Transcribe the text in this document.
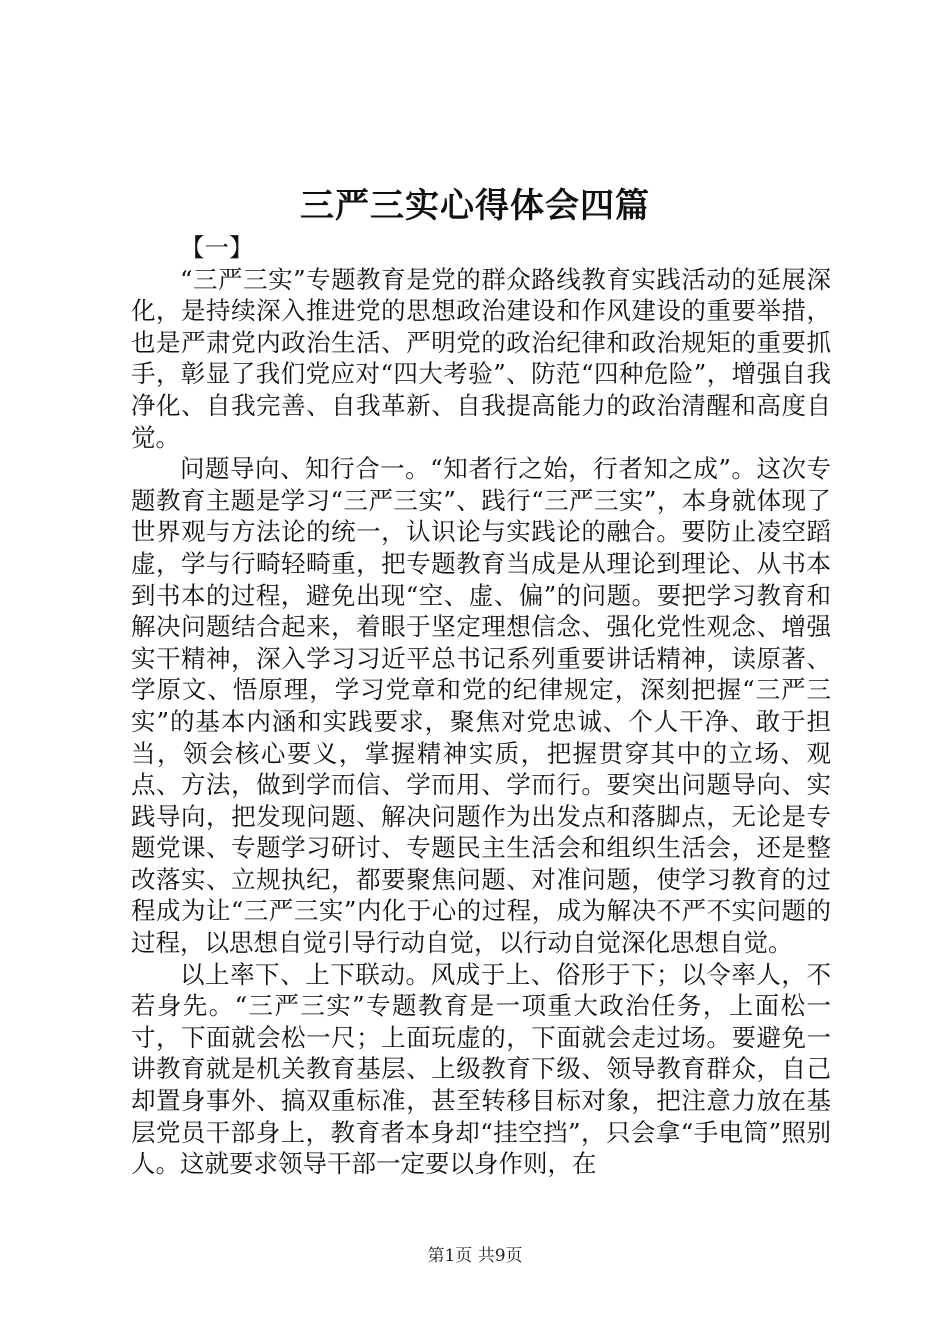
三严三实心得体会四篇
【一】

“三严三实”专题教育是党的群众路线教育实践活动的延展深化，是持续深入推进党的思想政治建设和作风建设的重要举措，也是严肃党内政治生活、严明党的政治纪律和政治规矩的重要抓手，彰显了我们党应对“四大考验”、防范“四种危险”，增强自我净化、自我完善、自我革新、自我提高能力的政治清醒和高度自觉。

问题导向、知行合一。“知者行之始，行者知之成”。这次专题教育主题是学习“三严三实”、践行“三严三实”，本身就体现了世界观与方法论的统一，认识论与实践论的融合。要防止凌空蹈虚，学与行畸轻畸重，把专题教育当成是从理论到理论、从书本到书本的过程，避免出现“空、虚、偏”的问题。要把学习教育和解决问题结合起来，着眼于坚定理想信念、强化党性观念、增强实干精神，深入学习习近平总书记系列重要讲话精神，读原著、学原文、悟原理，学习党章和党的纪律规定，深刻把握“三严三实”的基本内涵和实践要求，聚焦对党忠诚、个人干净、敢于担当，领会核心要义，掌握精神实质，把握贯穿其中的立场、观点、方法，做到学而信、学而用、学而行。要突出问题导向、实践导向，把发现问题、解决问题作为出发点和落脚点，无论是专题党课、专题学习研讨、专题民主生活会和组织生活会，还是整改落实、立规执纪，都要聚焦问题、对准问题，使学习教育的过程成为让“三严三实”内化于心的过程，成为解决不严不实问题的过程，以思想自觉引导行动自觉，以行动自觉深化思想自觉。

以上率下、上下联动。风成于上、俗形于下；以令率人，不若身先。“三严三实”专题教育是一项重大政治任务，上面松一寸，下面就会松一尺；上面玩虚的，下面就会走过场。要避免一讲教育就是机关教育基层、上级教育下级、领导教育群众，自己却置身事外、搞双重标准，甚至转移目标对象，把注意力放在基层党员干部身上，教育者本身却“挂空挡”，只会拿“手电筒”照别人。这就要求领导干部一定要以身作则，在

第1页 共9页
